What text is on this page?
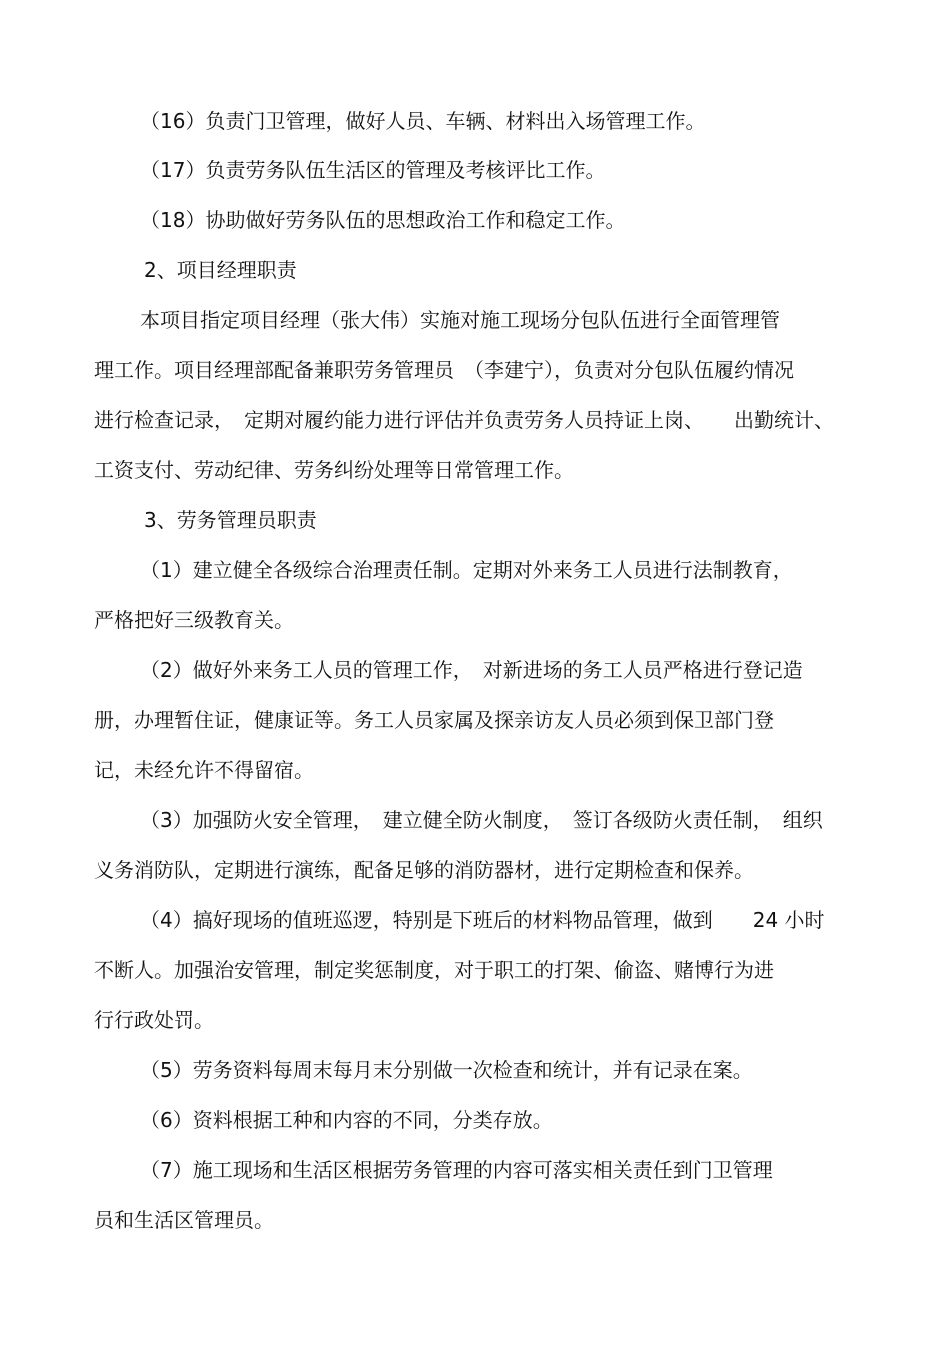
（16）负责门卫管理，做好人员、车辆、材料出入场管理工作。

（17）负责劳务队伍生活区的管理及考核评比工作。

（18）协助做好劳务队伍的思想政治工作和稳定工作。

2、项目经理职责

本项目指定项目经理（张大伟）实施对施工现场分包队伍进行全面管理管

理工作。项目经理部配备兼职劳务管理员　（李建宁），负责对分包队伍履约情况

进行检查记录，　定期对履约能力进行评估并负责劳务人员持证上岗、　　出勤统计、

工资支付、劳动纪律、劳务纠纷处理等日常管理工作。

3、劳务管理员职责

（1）建立健全各级综合治理责任制。定期对外来务工人员进行法制教育，

严格把好三级教育关。

（2）做好外来务工人员的管理工作，　对新进场的务工人员严格进行登记造

册，办理暂住证，健康证等。务工人员家属及探亲访友人员必须到保卫部门登

记，未经允许不得留宿。

（3）加强防火安全管理，　建立健全防火制度，　签订各级防火责任制，　组织

义务消防队，定期进行演练，配备足够的消防器材，进行定期检查和保养。

（4）搞好现场的值班巡逻，特别是下班后的材料物品管理，做到　　24 小时

不断人。加强治安管理，制定奖惩制度，对于职工的打架、偷盗、赌博行为进

行行政处罚。

（5）劳务资料每周末每月末分别做一次检查和统计，并有记录在案。

（6）资料根据工种和内容的不同，分类存放。

（7）施工现场和生活区根据劳务管理的内容可落实相关责任到门卫管理

员和生活区管理员。
